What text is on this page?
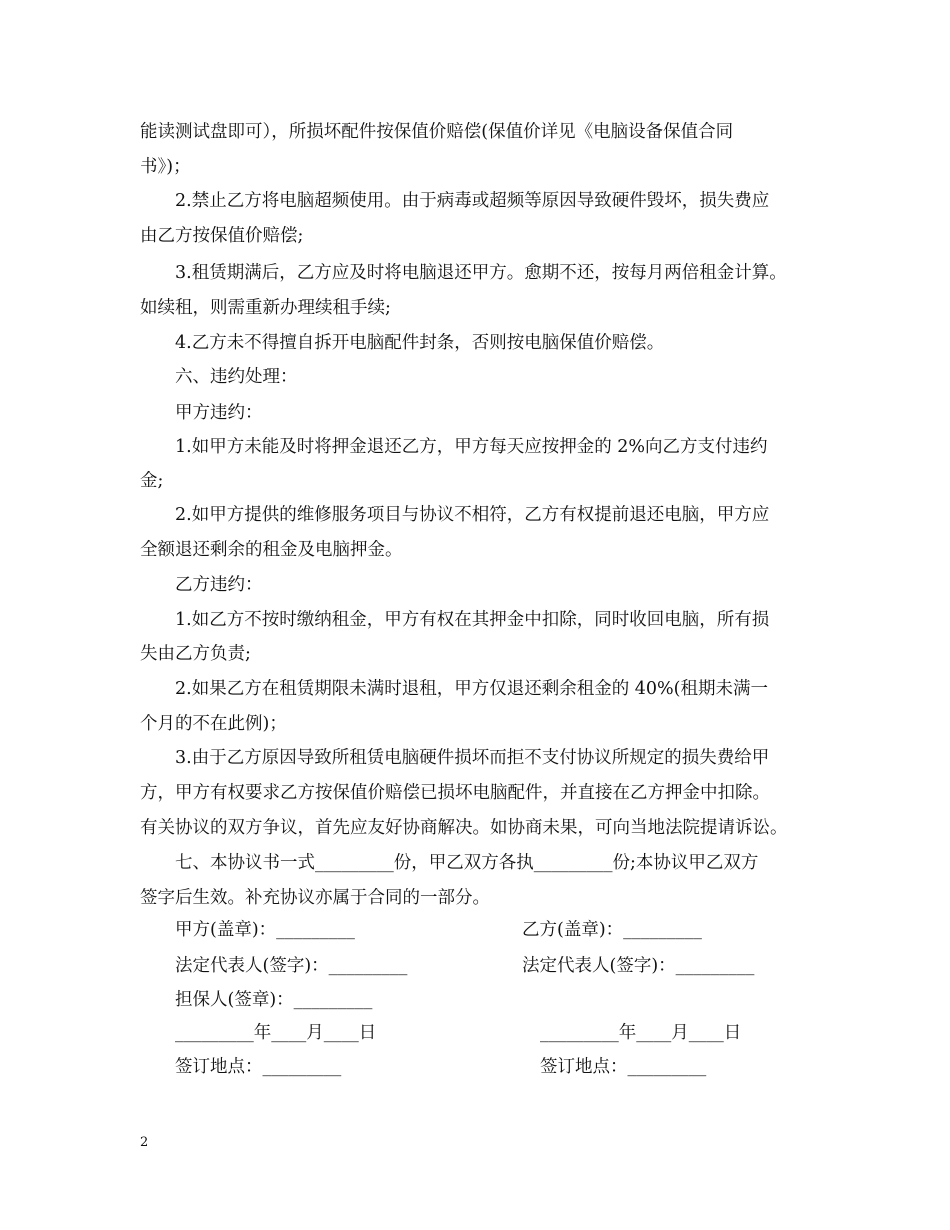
能读测试盘即可），所损坏配件按保值价赔偿(保值价详见《电脑设备保值合同
书》)；
2.禁止乙方将电脑超频使用。由于病毒或超频等原因导致硬件毁坏，损失费应
由乙方按保值价赔偿;
3.租赁期满后，乙方应及时将电脑退还甲方。愈期不还，按每月两倍租金计算。
如续租，则需重新办理续租手续;
4.乙方未不得擅自拆开电脑配件封条，否则按电脑保值价赔偿。
六、违约处理：
甲方违约：
1.如甲方未能及时将押金退还乙方，甲方每天应按押金的 2%向乙方支付违约
金;
2.如甲方提供的维修服务项目与协议不相符，乙方有权提前退还电脑，甲方应
全额退还剩余的租金及电脑押金。
乙方违约：
1.如乙方不按时缴纳租金，甲方有权在其押金中扣除，同时收回电脑，所有损
失由乙方负责;
2.如果乙方在租赁期限未满时退租，甲方仅退还剩余租金的 40%(租期未满一
个月的不在此例)；
3.由于乙方原因导致所租赁电脑硬件损坏而拒不支付协议所规定的损失费给甲
方，甲方有权要求乙方按保值价赔偿已损坏电脑配件，并直接在乙方押金中扣除。
有关协议的双方争议，首先应友好协商解决。如协商未果，可向当地法院提请诉讼。
七、本协议书一式_________份，甲乙双方各执_________份;本协议甲乙双方
签字后生效。补充协议亦属于合同的一部分。
甲方(盖章)：_________	乙方(盖章)：_________
法定代表人(签字)：_________	法定代表人(签字)：_________
担保人(签章)：_________
_________年____月____日	_________年____月____日
签订地点：_________	签订地点：_________
2
